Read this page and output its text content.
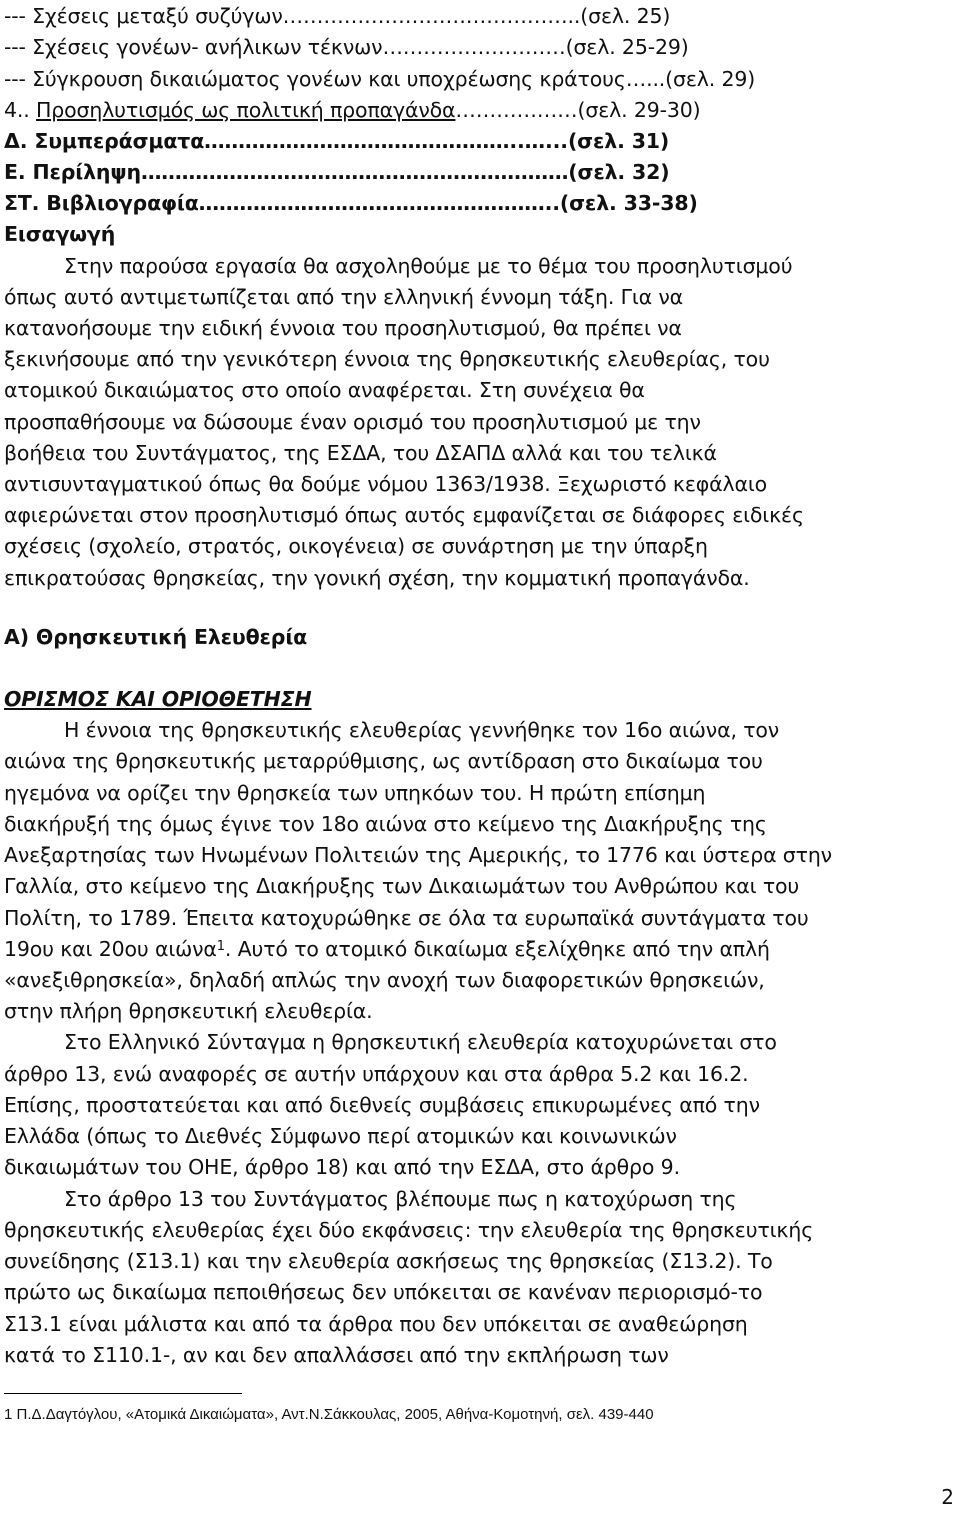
--- Σχέσεις μεταξύ συζύγων……………………………………..(σελ. 25)
--- Σχέσεις γονέων- ανήλικων τέκνων………………………(σελ. 25-29)
--- Σύγκρουση δικαιώματος γονέων και υποχρέωσης κράτους…...(σελ. 29)
4.. Προσηλυτισμός ως πολιτική προπαγάνδα………………(σελ. 29-30)
Δ. Συμπεράσματα………………………………………..…...(σελ. 31)
Ε. Περίληψη………………………………………………………(σελ. 32)
ΣΤ. Βιβλιογραφία……………………………………………..(σελ. 33-38)
Εισαγωγή
Στην παρούσα εργασία θα ασχοληθούμε με το θέμα του προσηλυτισμού
όπως αυτό αντιμετωπίζεται από την ελληνική έννομη τάξη. Για να
κατανοήσουμε την ειδική έννοια του προσηλυτισμού, θα πρέπει να
ξεκινήσουμε από την γενικότερη έννοια της θρησκευτικής ελευθερίας, του
ατομικού δικαιώματος στο οποίο αναφέρεται. Στη συνέχεια θα
προσπαθήσουμε να δώσουμε έναν ορισμό του προσηλυτισμού με την
βοήθεια του Συντάγματος, της ΕΣΔΑ, του ΔΣΑΠΔ αλλά και του τελικά
αντισυνταγματικού όπως θα δούμε νόμου 1363/1938. Ξεχωριστό κεφάλαιο
αφιερώνεται στον προσηλυτισμό όπως αυτός εμφανίζεται σε διάφορες ειδικές
σχέσεις (σχολείο, στρατός, οικογένεια) σε συνάρτηση με την ύπαρξη
επικρατούσας θρησκείας, την γονική σχέση, την κομματική προπαγάνδα.
Α) Θρησκευτική Ελευθερία
ΟΡΙΣΜΟΣ ΚΑΙ ΟΡΙΟΘΕΤΗΣΗ
Η έννοια της θρησκευτικής ελευθερίας γεννήθηκε τον 16ο αιώνα, τον
αιώνα της θρησκευτικής μεταρρύθμισης, ως αντίδραση στο δικαίωμα του
ηγεμόνα να ορίζει την θρησκεία των υπηκόων του. Η πρώτη επίσημη
διακήρυξή της όμως έγινε τον 18ο αιώνα στο κείμενο της Διακήρυξης της
Ανεξαρτησίας των Ηνωμένων Πολιτειών της Αμερικής, το 1776 και ύστερα στην
Γαλλία, στο κείμενο της Διακήρυξης των Δικαιωμάτων του Ανθρώπου και του
Πολίτη, το 1789. Έπειτα κατοχυρώθηκε σε όλα τα ευρωπαϊκά συντάγματα του
19ου και 20ου αιώνα$^1$. Αυτό το ατομικό δικαίωμα εξελίχθηκε από την απλή
«ανεξιθρησκεία», δηλαδή απλώς την ανοχή των διαφορετικών θρησκειών,
στην πλήρη θρησκευτική ελευθερία.
Στο Ελληνικό Σύνταγμα η θρησκευτική ελευθερία κατοχυρώνεται στο
άρθρο 13, ενώ αναφορές σε αυτήν υπάρχουν και στα άρθρα 5.2 και 16.2.
Επίσης, προστατεύεται και από διεθνείς συμβάσεις επικυρωμένες από την
Ελλάδα (όπως το Διεθνές Σύμφωνο περί ατομικών και κοινωνικών
δικαιωμάτων του ΟΗΕ, άρθρο 18) και από την ΕΣΔΑ, στο άρθρο 9.
Στο άρθρο 13 του Συντάγματος βλέπουμε πως η κατοχύρωση της
θρησκευτικής ελευθερίας έχει δύο εκφάνσεις: την ελευθερία της θρησκευτικής
συνείδησης (Σ13.1) και την ελευθερία ασκήσεως της θρησκείας (Σ13.2). Το
πρώτο ως δικαίωμα πεποιθήσεως δεν υπόκειται σε κανέναν περιορισμό-το
Σ13.1 είναι μάλιστα και από τα άρθρα που δεν υπόκειται σε αναθεώρηση
κατά το Σ110.1-, αν και δεν απαλλάσσει από την εκπλήρωση των
1 Π.Δ.Δαγτόγλου, «Ατομικά Δικαιώματα», Αντ.Ν.Σάκκουλας, 2005, Αθήνα-Κομοτηνή, σελ. 439-440
2
